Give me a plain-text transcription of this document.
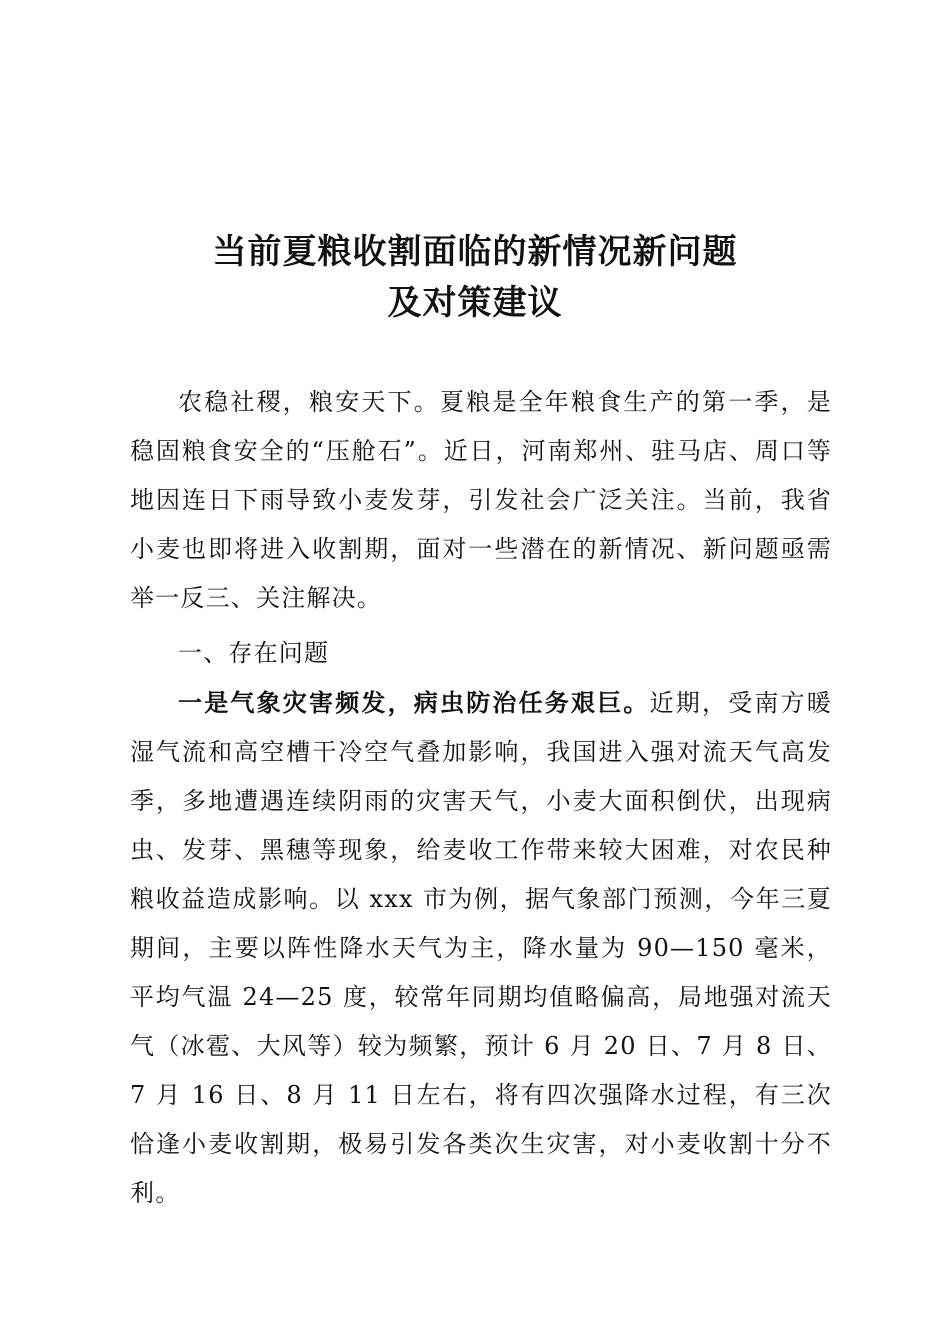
当前夏粮收割面临的新情况新问题
及对策建议

农稳社稷，粮安天下。夏粮是全年粮食生产的第一季，是稳固粮食安全的“压舱石”。近日，河南郑州、驻马店、周口等地因连日下雨导致小麦发芽，引发社会广泛关注。当前，我省小麦也即将进入收割期，面对一些潜在的新情况、新问题亟需举一反三、关注解决。

一、存在问题

一是气象灾害频发，病虫防治任务艰巨。近期，受南方暖湿气流和高空槽干冷空气叠加影响，我国进入强对流天气高发季，多地遭遇连续阴雨的灾害天气，小麦大面积倒伏，出现病虫、发芽、黑穗等现象，给麦收工作带来较大困难，对农民种粮收益造成影响。以 xxx 市为例，据气象部门预测，今年三夏期间，主要以阵性降水天气为主，降水量为 90—150 毫米，平均气温 24—25 度，较常年同期均值略偏高，局地强对流天气（冰雹、大风等）较为频繁，预计 6 月 20 日、7 月 8 日、7 月 16 日、8 月 11 日左右，将有四次强降水过程，有三次恰逢小麦收割期，极易引发各类次生灾害，对小麦收割十分不利。
